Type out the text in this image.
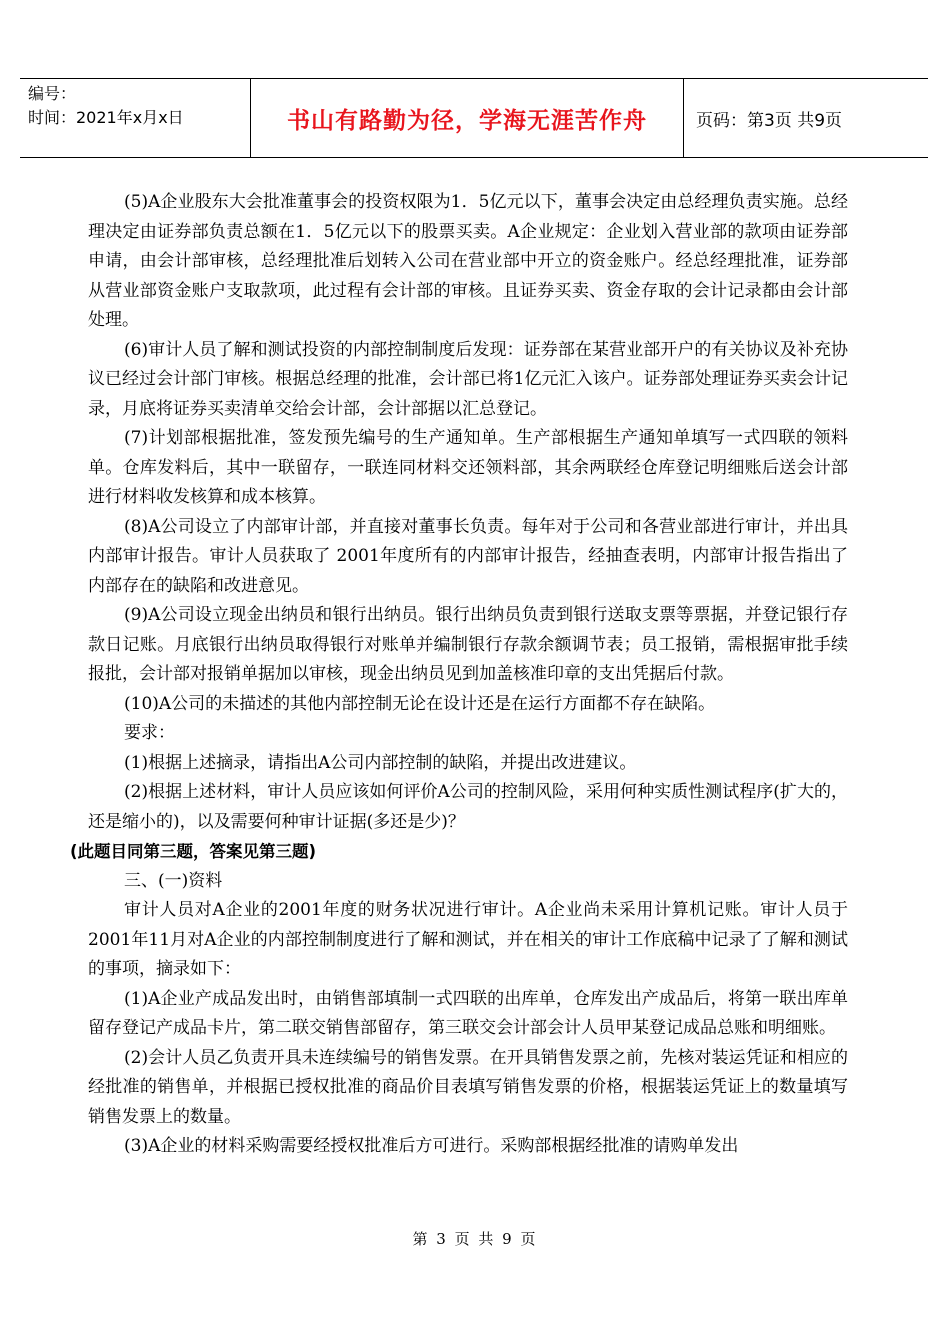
编号：
时间：2021年x月x日	书山有路勤为径，学海无涯苦作舟	页码：第3页 共9页

(5)A企业股东大会批准董事会的投资权限为1．5亿元以下，董事会决定由总经理负责实施。总经理决定由证券部负责总额在1．5亿元以下的股票买卖。A企业规定：企业划入营业部的款项由证券部申请，由会计部审核，总经理批准后划转入公司在营业部中开立的资金账户。经总经理批准，证券部从营业部资金账户支取款项，此过程有会计部的审核。且证券买卖、资金存取的会计记录都由会计部处理。

(6)审计人员了解和测试投资的内部控制制度后发现：证券部在某营业部开户的有关协议及补充协议已经过会计部门审核。根据总经理的批准，会计部已将1亿元汇入该户。证券部处理证券买卖会计记录，月底将证券买卖清单交给会计部，会计部据以汇总登记。

(7)计划部根据批准，签发预先编号的生产通知单。生产部根据生产通知单填写一式四联的领料单。仓库发料后，其中一联留存，一联连同材料交还领料部，其余两联经仓库登记明细账后送会计部进行材料收发核算和成本核算。

(8)A公司设立了内部审计部，并直接对董事长负责。每年对于公司和各营业部进行审计，并出具内部审计报告。审计人员获取了 2001年度所有的内部审计报告，经抽查表明，内部审计报告指出了内部存在的缺陷和改进意见。

(9)A公司设立现金出纳员和银行出纳员。银行出纳员负责到银行送取支票等票据，并登记银行存款日记账。月底银行出纳员取得银行对账单并编制银行存款余额调节表；员工报销，需根据审批手续报批，会计部对报销单据加以审核，现金出纳员见到加盖核准印章的支出凭据后付款。

(10)A公司的未描述的其他内部控制无论在设计还是在运行方面都不存在缺陷。

要求：

(1)根据上述摘录，请指出A公司内部控制的缺陷，并提出改进建议。

(2)根据上述材料，审计人员应该如何评价A公司的控制风险，采用何种实质性测试程序(扩大的，还是缩小的)，以及需要何种审计证据(多还是少)？

(此题目同第三题，答案见第三题)

三、(一)资料

审计人员对A企业的2001年度的财务状况进行审计。A企业尚未采用计算机记账。审计人员于2001年11月对A企业的内部控制制度进行了解和测试，并在相关的审计工作底稿中记录了了解和测试的事项，摘录如下：

(1)A企业产成品发出时，由销售部填制一式四联的出库单，仓库发出产成品后，将第一联出库单留存登记产成品卡片，第二联交销售部留存，第三联交会计部会计人员甲某登记成品总账和明细账。

(2)会计人员乙负责开具未连续编号的销售发票。在开具销售发票之前，先核对装运凭证和相应的经批准的销售单，并根据已授权批准的商品价目表填写销售发票的价格，根据装运凭证上的数量填写销售发票上的数量。

(3)A企业的材料采购需要经授权批准后方可进行。采购部根据经批准的请购单发出

第 3 页 共 9 页
